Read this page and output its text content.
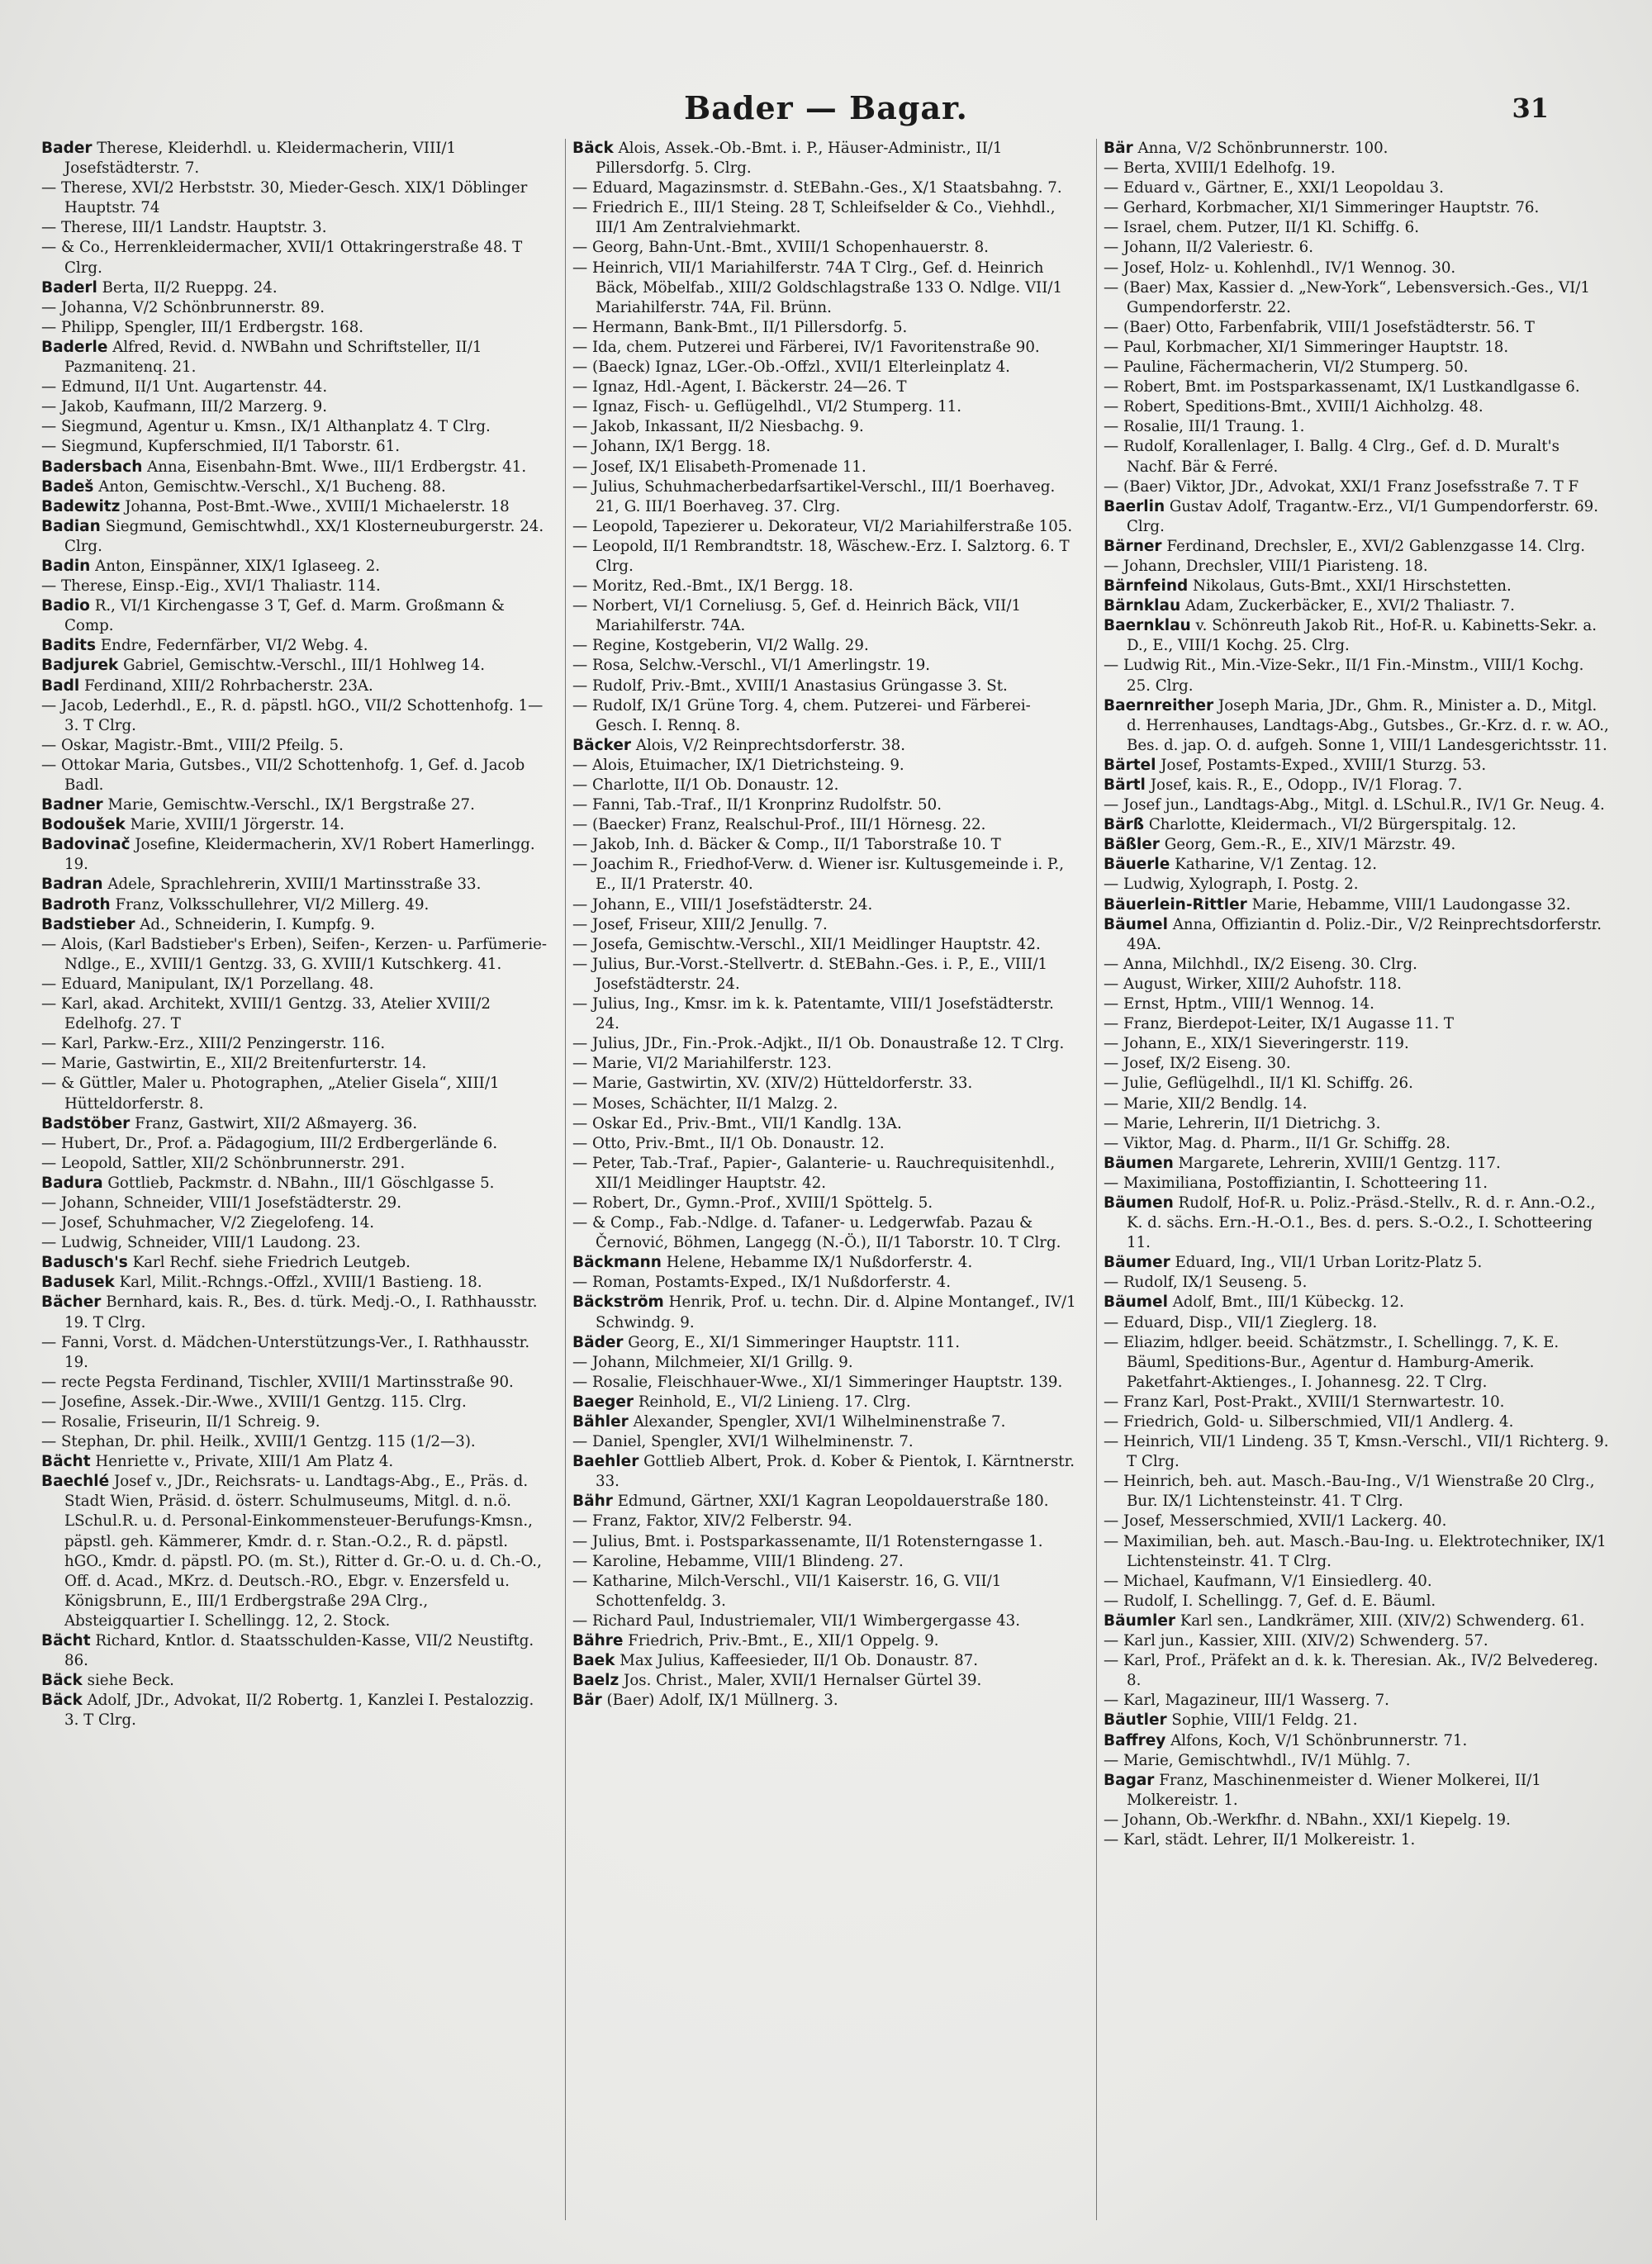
Bader — Bagar.	31

Bader Therese, Kleiderhdl. u. Kleidermacherin, VIII/1 Josefstädterstr. 7.

— Therese, XVI/2 Herbststr. 30, Mieder-Gesch. XIX/1 Döblinger Hauptstr. 74

— Therese, III/1 Landstr. Hauptstr. 3.

— & Co., Herrenkleidermacher, XVII/1 Ottakringerstraße 48. T Clrg.

Baderl Berta, II/2 Rueppg. 24.

— Johanna, V/2 Schönbrunnerstr. 89.

— Philipp, Spengler, III/1 Erdbergstr. 168.

Baderle Alfred, Revid. d. NWBahn und Schriftsteller, II/1 Pazmanitenq. 21.

— Edmund, II/1 Unt. Augartenstr. 44.

— Jakob, Kaufmann, III/2 Marzerg. 9.

— Siegmund, Agentur u. Kmsn., IX/1 Althanplatz 4. T Clrg.

— Siegmund, Kupferschmied, II/1 Taborstr. 61.

Badersbach Anna, Eisenbahn-Bmt. Wwe., III/1 Erdbergstr. 41.

Badeš Anton, Gemischtw.-Verschl., X/1 Bucheng. 88.

Badewitz Johanna, Post-Bmt.-Wwe., XVIII/1 Michaelerstr. 18

Badian Siegmund, Gemischtwhdl., XX/1 Klosterneuburgerstr. 24. Clrg.

Badin Anton, Einspänner, XIX/1 Iglaseeg. 2.

— Therese, Einsp.-Eig., XVI/1 Thaliastr. 114.

Badio R., VI/1 Kirchengasse 3 T, Gef. d. Marm. Großmann & Comp.

Badits Endre, Federnfärber, VI/2 Webg. 4.

Badjurek Gabriel, Gemischtw.-Verschl., III/1 Hohlweg 14.

Badl Ferdinand, XIII/2 Rohrbacherstr. 23A.

— Jacob, Lederhdl., E., R. d. päpstl. hGO., VII/2 Schottenhofg. 1—3. T Clrg.

— Oskar, Magistr.-Bmt., VIII/2 Pfeilg. 5.

— Ottokar Maria, Gutsbes., VII/2 Schottenhofg. 1, Gef. d. Jacob Badl.

Badner Marie, Gemischtw.-Verschl., IX/1 Bergstraße 27.

Bodoušek Marie, XVIII/1 Jörgerstr. 14.

Badovinač Josefine, Kleidermacherin, XV/1 Robert Hamerlingg. 19.

Badran Adele, Sprachlehrerin, XVIII/1 Martinsstraße 33.

Badroth Franz, Volksschullehrer, VI/2 Millerg. 49.

Badstieber Ad., Schneiderin, I. Kumpfg. 9.

— Alois, (Karl Badstieber's Erben), Seifen-, Kerzen- u. Parfümerie-Ndlge., E., XVIII/1 Gentzg. 33, G. XVIII/1 Kutschkerg. 41.

— Eduard, Manipulant, IX/1 Porzellang. 48.

— Karl, akad. Architekt, XVIII/1 Gentzg. 33, Atelier XVIII/2 Edelhofg. 27. T

— Karl, Parkw.-Erz., XIII/2 Penzingerstr. 116.

— Marie, Gastwirtin, E., XII/2 Breitenfurterstr. 14.

— & Güttler, Maler u. Photographen, „Atelier Gisela“, XIII/1 Hütteldorferstr. 8.

Badstöber Franz, Gastwirt, XII/2 Aßmayerg. 36.

— Hubert, Dr., Prof. a. Pädagogium, III/2 Erdbergerlände 6.

— Leopold, Sattler, XII/2 Schönbrunnerstr. 291.

Badura Gottlieb, Packmstr. d. NBahn., III/1 Göschlgasse 5.

— Johann, Schneider, VIII/1 Josefstädterstr. 29.

— Josef, Schuhmacher, V/2 Ziegelofeng. 14.

— Ludwig, Schneider, VIII/1 Laudong. 23.

Badusch's Karl Rechf. siehe Friedrich Leutgeb.

Badusek Karl, Milit.-Rchngs.-Offzl., XVIII/1 Bastieng. 18.

Bächer Bernhard, kais. R., Bes. d. türk. Medj.-O., I. Rathhausstr. 19. T Clrg.

— Fanni, Vorst. d. Mädchen-Unterstützungs-Ver., I. Rathhausstr. 19.

— recte Pegsta Ferdinand, Tischler, XVIII/1 Martinsstraße 90.

— Josefine, Assek.-Dir.-Wwe., XVIII/1 Gentzg. 115. Clrg.

— Rosalie, Friseurin, II/1 Schreig. 9.

— Stephan, Dr. phil. Heilk., XVIII/1 Gentzg. 115 (1/2—3).

Bächt Henriette v., Private, XIII/1 Am Platz 4.

Baechlé Josef v., JDr., Reichsrats- u. Landtags-Abg., E., Präs. d. Stadt Wien, Präsid. d. österr. Schulmuseums, Mitgl. d. n.ö. LSchul.R. u. d. Personal-Einkommensteuer-Berufungs-Kmsn., päpstl. geh. Kämmerer, Kmdr. d. r. Stan.-O.2., R. d. päpstl. hGO., Kmdr. d. päpstl. PO. (m. St.), Ritter d. Gr.-O. u. d. Ch.-O., Off. d. Acad., MKrz. d. Deutsch.-RO., Ebgr. v. Enzersfeld u. Königsbrunn, E., III/1 Erdbergstraße 29A Clrg., Absteigquartier I. Schellingg. 12, 2. Stock.

Bächt Richard, Kntlor. d. Staatsschulden-Kasse, VII/2 Neustiftg. 86.

Bäck siehe Beck.

Bäck Adolf, JDr., Advokat, II/2 Robertg. 1, Kanzlei I. Pestalozzig. 3. T Clrg.

Bäck Alois, Assek.-Ob.-Bmt. i. P., Häuser-Administr., II/1 Pillersdorfg. 5. Clrg.

— Eduard, Magazinsmstr. d. StEBahn.-Ges., X/1 Staatsbahng. 7.

— Friedrich E., III/1 Steing. 28 T, Schleifselder & Co., Viehhdl., III/1 Am Zentralviehmarkt.

— Georg, Bahn-Unt.-Bmt., XVIII/1 Schopenhauerstr. 8.

— Heinrich, VII/1 Mariahilferstr. 74A T Clrg., Gef. d. Heinrich Bäck, Möbelfab., XIII/2 Goldschlagstraße 133 O. Ndlge. VII/1 Mariahilferstr. 74A, Fil. Brünn.

— Hermann, Bank-Bmt., II/1 Pillersdorfg. 5.

— Ida, chem. Putzerei und Färberei, IV/1 Favoritenstraße 90.

— (Baeck) Ignaz, LGer.-Ob.-Offzl., XVII/1 Elterleinplatz 4.

— Ignaz, Hdl.-Agent, I. Bäckerstr. 24—26. T

— Ignaz, Fisch- u. Geflügelhdl., VI/2 Stumperg. 11.

— Jakob, Inkassant, II/2 Niesbachg. 9.

— Johann, IX/1 Bergg. 18.

— Josef, IX/1 Elisabeth-Promenade 11.

— Julius, Schuhmacherbedarfsartikel-Verschl., III/1 Boerhaveg. 21, G. III/1 Boerhaveg. 37. Clrg.

— Leopold, Tapezierer u. Dekorateur, VI/2 Mariahilferstraße 105.

— Leopold, II/1 Rembrandtstr. 18, Wäschew.-Erz. I. Salztorg. 6. T Clrg.

— Moritz, Red.-Bmt., IX/1 Bergg. 18.

— Norbert, VI/1 Corneliusg. 5, Gef. d. Heinrich Bäck, VII/1 Mariahilferstr. 74A.

— Regine, Kostgeberin, VI/2 Wallg. 29.

— Rosa, Selchw.-Verschl., VI/1 Amerlingstr. 19.

— Rudolf, Priv.-Bmt., XVIII/1 Anastasius Grüngasse 3. St.

— Rudolf, IX/1 Grüne Torg. 4, chem. Putzerei- und Färberei-Gesch. I. Rennq. 8.

Bäcker Alois, V/2 Reinprechtsdorferstr. 38.

— Alois, Etuimacher, IX/1 Dietrichsteing. 9.

— Charlotte, II/1 Ob. Donaustr. 12.

— Fanni, Tab.-Traf., II/1 Kronprinz Rudolfstr. 50.

— (Baecker) Franz, Realschul-Prof., III/1 Hörnesg. 22.

— Jakob, Inh. d. Bäcker & Comp., II/1 Taborstraße 10. T

— Joachim R., Friedhof-Verw. d. Wiener isr. Kultusgemeinde i. P., E., II/1 Praterstr. 40.

— Johann, E., VIII/1 Josefstädterstr. 24.

— Josef, Friseur, XIII/2 Jenullg. 7.

— Josefa, Gemischtw.-Verschl., XII/1 Meidlinger Hauptstr. 42.

— Julius, Bur.-Vorst.-Stellvertr. d. StEBahn.-Ges. i. P., E., VIII/1 Josefstädterstr. 24.

— Julius, Ing., Kmsr. im k. k. Patentamte, VIII/1 Josefstädterstr. 24.

— Julius, JDr., Fin.-Prok.-Adjkt., II/1 Ob. Donaustraße 12. T Clrg.

— Marie, VI/2 Mariahilferstr. 123.

— Marie, Gastwirtin, XV. (XIV/2) Hütteldorferstr. 33.

— Moses, Schächter, II/1 Malzg. 2.

— Oskar Ed., Priv.-Bmt., VII/1 Kandlg. 13A.

— Otto, Priv.-Bmt., II/1 Ob. Donaustr. 12.

— Peter, Tab.-Traf., Papier-, Galanterie- u. Rauchrequisitenhdl., XII/1 Meidlinger Hauptstr. 42.

— Robert, Dr., Gymn.-Prof., XVIII/1 Spöttelg. 5.

— & Comp., Fab.-Ndlge. d. Tafaner- u. Ledgerwfab. Pazau & Černović, Böhmen, Langegg (N.-Ö.), II/1 Taborstr. 10. T Clrg.

Bäckmann Helene, Hebamme IX/1 Nußdorferstr. 4.

— Roman, Postamts-Exped., IX/1 Nußdorferstr. 4.

Bäckström Henrik, Prof. u. techn. Dir. d. Alpine Montangef., IV/1 Schwindg. 9.

Bäder Georg, E., XI/1 Simmeringer Hauptstr. 111.

— Johann, Milchmeier, XI/1 Grillg. 9.

— Rosalie, Fleischhauer-Wwe., XI/1 Simmeringer Hauptstr. 139.

Baeger Reinhold, E., VI/2 Linieng. 17. Clrg.

Bähler Alexander, Spengler, XVI/1 Wilhelminenstraße 7.

— Daniel, Spengler, XVI/1 Wilhelminenstr. 7.

Baehler Gottlieb Albert, Prok. d. Kober & Pientok, I. Kärntnerstr. 33.

Bähr Edmund, Gärtner, XXI/1 Kagran Leopoldauerstraße 180.

— Franz, Faktor, XIV/2 Felberstr. 94.

— Julius, Bmt. i. Postsparkassenamte, II/1 Rotensterngasse 1.

— Karoline, Hebamme, VIII/1 Blindeng. 27.

— Katharine, Milch-Verschl., VII/1 Kaiserstr. 16, G. VII/1 Schottenfeldg. 3.

— Richard Paul, Industriemaler, VII/1 Wimbergergasse 43.

Bähre Friedrich, Priv.-Bmt., E., XII/1 Oppelg. 9.

Baek Max Julius, Kaffeesieder, II/1 Ob. Donaustr. 87.

Baelz Jos. Christ., Maler, XVII/1 Hernalser Gürtel 39.

Bär (Baer) Adolf, IX/1 Müllnerg. 3.

Bär Anna, V/2 Schönbrunnerstr. 100.

— Berta, XVIII/1 Edelhofg. 19.

— Eduard v., Gärtner, E., XXI/1 Leopoldau 3.

— Gerhard, Korbmacher, XI/1 Simmeringer Hauptstr. 76.

— Israel, chem. Putzer, II/1 Kl. Schiffg. 6.

— Johann, II/2 Valeriestr. 6.

— Josef, Holz- u. Kohlenhdl., IV/1 Wennog. 30.

— (Baer) Max, Kassier d. „New-York“, Lebensversich.-Ges., VI/1 Gumpendorferstr. 22.

— (Baer) Otto, Farbenfabrik, VIII/1 Josefstädterstr. 56. T

— Paul, Korbmacher, XI/1 Simmeringer Hauptstr. 18.

— Pauline, Fächermacherin, VI/2 Stumperg. 50.

— Robert, Bmt. im Postsparkassenamt, IX/1 Lustkandlgasse 6.

— Robert, Speditions-Bmt., XVIII/1 Aichholzg. 48.

— Rosalie, III/1 Traung. 1.

— Rudolf, Korallenlager, I. Ballg. 4 Clrg., Gef. d. D. Muralt's Nachf. Bär & Ferré.

— (Baer) Viktor, JDr., Advokat, XXI/1 Franz Josefsstraße 7. T F

Baerlin Gustav Adolf, Tragantw.-Erz., VI/1 Gumpendorferstr. 69. Clrg.

Bärner Ferdinand, Drechsler, E., XVI/2 Gablenzgasse 14. Clrg.

— Johann, Drechsler, VIII/1 Piaristeng. 18.

Bärnfeind Nikolaus, Guts-Bmt., XXI/1 Hirschstetten.

Bärnklau Adam, Zuckerbäcker, E., XVI/2 Thaliastr. 7.

Baernklau v. Schönreuth Jakob Rit., Hof-R. u. Kabinetts-Sekr. a. D., E., VIII/1 Kochg. 25. Clrg.

— Ludwig Rit., Min.-Vize-Sekr., II/1 Fin.-Minstm., VIII/1 Kochg. 25. Clrg.

Baernreither Joseph Maria, JDr., Ghm. R., Minister a. D., Mitgl. d. Herrenhauses, Landtags-Abg., Gutsbes., Gr.-Krz. d. r. w. AO., Bes. d. jap. O. d. aufgeh. Sonne 1, VIII/1 Landesgerichtsstr. 11.

Bärtel Josef, Postamts-Exped., XVIII/1 Sturzg. 53.

Bärtl Josef, kais. R., E., Odopp., IV/1 Florag. 7.

— Josef jun., Landtags-Abg., Mitgl. d. LSchul.R., IV/1 Gr. Neug. 4.

Bärß Charlotte, Kleidermach., VI/2 Bürgerspitalg. 12.

Bäßler Georg, Gem.-R., E., XIV/1 Märzstr. 49.

Bäuerle Katharine, V/1 Zentag. 12.

— Ludwig, Xylograph, I. Postg. 2.

Bäuerlein-Rittler Marie, Hebamme, VIII/1 Laudongasse 32.

Bäumel Anna, Offiziantin d. Poliz.-Dir., V/2 Reinprechtsdorferstr. 49A.

— Anna, Milchhdl., IX/2 Eiseng. 30. Clrg.

— August, Wirker, XIII/2 Auhofstr. 118.

— Ernst, Hptm., VIII/1 Wennog. 14.

— Franz, Bierdepot-Leiter, IX/1 Augasse 11. T

— Johann, E., XIX/1 Sieveringerstr. 119.

— Josef, IX/2 Eiseng. 30.

— Julie, Geflügelhdl., II/1 Kl. Schiffg. 26.

— Marie, XII/2 Bendlg. 14.

— Marie, Lehrerin, II/1 Dietrichg. 3.

— Viktor, Mag. d. Pharm., II/1 Gr. Schiffg. 28.

Bäumen Margarete, Lehrerin, XVIII/1 Gentzg. 117.

— Maximiliana, Postoffiziantin, I. Schotteering 11.

Bäumen Rudolf, Hof-R. u. Poliz.-Präsd.-Stellv., R. d. r. Ann.-O.2., K. d. sächs. Ern.-H.-O.1., Bes. d. pers. S.-O.2., I. Schotteering 11.

Bäumer Eduard, Ing., VII/1 Urban Loritz-Platz 5.

— Rudolf, IX/1 Seuseng. 5.

Bäumel Adolf, Bmt., III/1 Kübeckg. 12.

— Eduard, Disp., VII/1 Zieglerg. 18.

— Eliazim, hdlger. beeid. Schätzmstr., I. Schellingg. 7, K. E. Bäuml, Speditions-Bur., Agentur d. Hamburg-Amerik. Paketfahrt-Aktienges., I. Johannesg. 22. T Clrg.

— Franz Karl, Post-Prakt., XVIII/1 Sternwartestr. 10.

— Friedrich, Gold- u. Silberschmied, VII/1 Andlerg. 4.

— Heinrich, VII/1 Lindeng. 35 T, Kmsn.-Verschl., VII/1 Richterg. 9. T Clrg.

— Heinrich, beh. aut. Masch.-Bau-Ing., V/1 Wienstraße 20 Clrg., Bur. IX/1 Lichtensteinstr. 41. T Clrg.

— Josef, Messerschmied, XVII/1 Lackerg. 40.

— Maximilian, beh. aut. Masch.-Bau-Ing. u. Elektrotechniker, IX/1 Lichtensteinstr. 41. T Clrg.

— Michael, Kaufmann, V/1 Einsiedlerg. 40.

— Rudolf, I. Schellingg. 7, Gef. d. E. Bäuml.

Bäumler Karl sen., Landkrämer, XIII. (XIV/2) Schwenderg. 61.

— Karl jun., Kassier, XIII. (XIV/2) Schwenderg. 57.

— Karl, Prof., Präfekt an d. k. k. Theresian. Ak., IV/2 Belvedereg. 8.

— Karl, Magazineur, III/1 Wasserg. 7.

Bäutler Sophie, VIII/1 Feldg. 21.

Baffrey Alfons, Koch, V/1 Schönbrunnerstr. 71.

— Marie, Gemischtwhdl., IV/1 Mühlg. 7.

Bagar Franz, Maschinenmeister d. Wiener Molkerei, II/1 Molkereistr. 1.

— Johann, Ob.-Werkfhr. d. NBahn., XXI/1 Kiepelg. 19.

— Karl, städt. Lehrer, II/1 Molkereistr. 1.
